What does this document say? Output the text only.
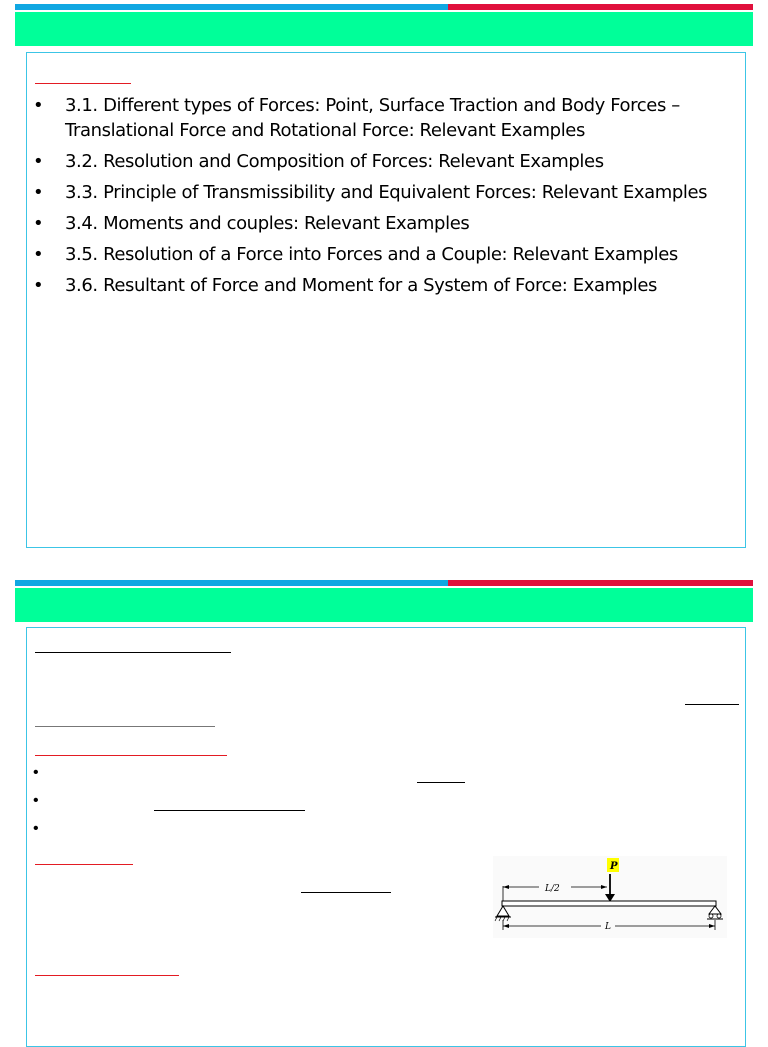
• 3.1. Different types of Forces: Point, Surface Traction and Body Forces – Translational Force and Rotational Force: Relevant Examples
• 3.2. Resolution and Composition of Forces: Relevant Examples
• 3.3. Principle of Transmissibility and Equivalent Forces: Relevant Examples
• 3.4. Moments and couples: Relevant Examples
• 3.5. Resolution of a Force into Forces and a Couple: Relevant Examples
• 3.6. Resultant of Force and Moment for a System of Force: Examples
•
•
•
P
L/2
L
